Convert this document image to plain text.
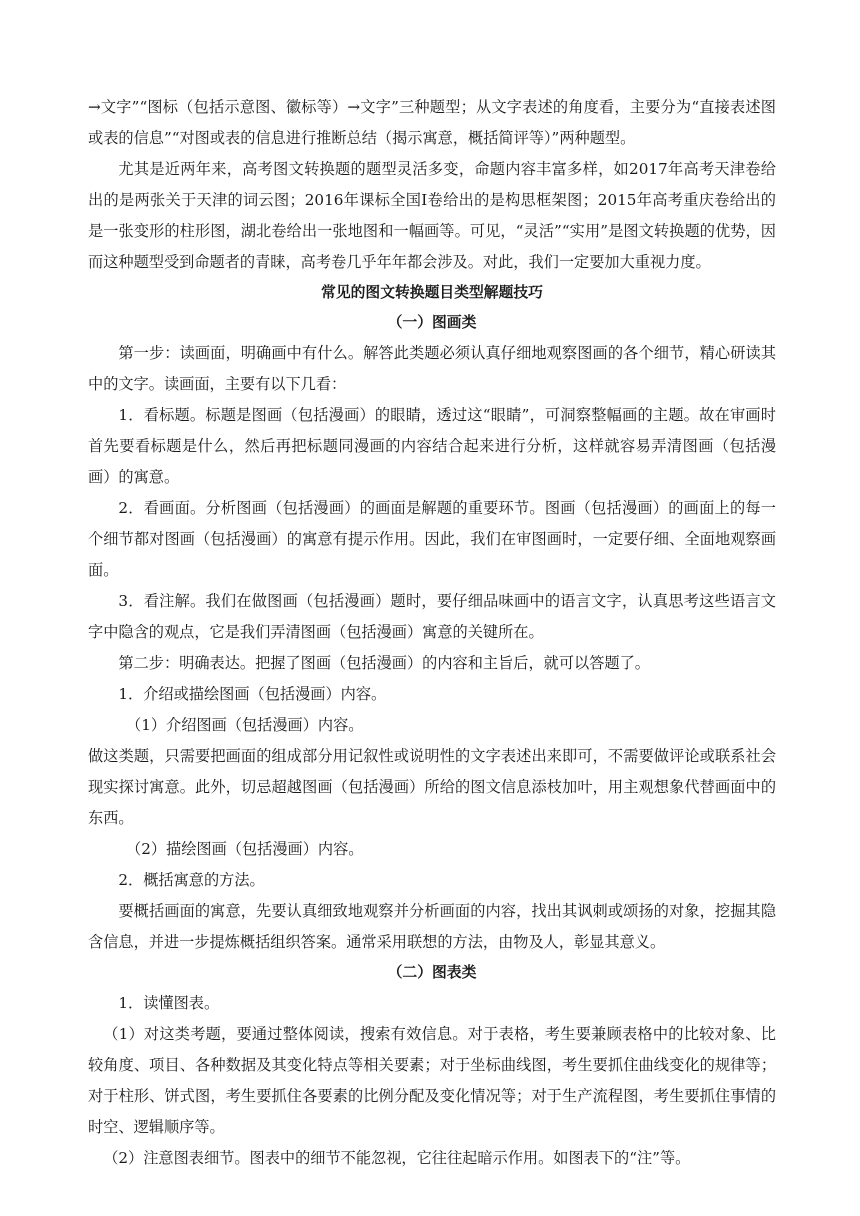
→文字”“图标（包括示意图、徽标等）→文字”三种题型；从文字表述的角度看，主要分为“直接表述图或表的信息”“对图或表的信息进行推断总结（揭示寓意，概括简评等）”两种题型。

尤其是近两年来，高考图文转换题的题型灵活多变，命题内容丰富多样，如2017年高考天津卷给出的是两张关于天津的词云图；2016年课标全国Ⅰ卷给出的是构思框架图；2015年高考重庆卷给出的是一张变形的柱形图，湖北卷给出一张地图和一幅画等。可见，“灵活”“实用”是图文转换题的优势，因而这种题型受到命题者的青睐，高考卷几乎年年都会涉及。对此，我们一定要加大重视力度。

常见的图文转换题目类型解题技巧

（一）图画类

第一步：读画面，明确画中有什么。解答此类题必须认真仔细地观察图画的各个细节，精心研读其中的文字。读画面，主要有以下几看：

1．看标题。标题是图画（包括漫画）的眼睛，透过这“眼睛”，可洞察整幅画的主题。故在审画时首先要看标题是什么，然后再把标题同漫画的内容结合起来进行分析，这样就容易弄清图画（包括漫画）的寓意。

2．看画面。分析图画（包括漫画）的画面是解题的重要环节。图画（包括漫画）的画面上的每一个细节都对图画（包括漫画）的寓意有提示作用。因此，我们在审图画时，一定要仔细、全面地观察画面。

3．看注解。我们在做图画（包括漫画）题时，要仔细品味画中的语言文字，认真思考这些语言文字中隐含的观点，它是我们弄清图画（包括漫画）寓意的关键所在。

第二步：明确表达。把握了图画（包括漫画）的内容和主旨后，就可以答题了。

1．介绍或描绘图画（包括漫画）内容。

（1）介绍图画（包括漫画）内容。

做这类题，只需要把画面的组成部分用记叙性或说明性的文字表述出来即可，不需要做评论或联系社会现实探讨寓意。此外，切忌超越图画（包括漫画）所给的图文信息添枝加叶，用主观想象代替画面中的东西。

（2）描绘图画（包括漫画）内容。

2．概括寓意的方法。

要概括画面的寓意，先要认真细致地观察并分析画面的内容，找出其讽刺或颂扬的对象，挖掘其隐含信息，并进一步提炼概括组织答案。通常采用联想的方法，由物及人，彰显其意义。

（二）图表类

1．读懂图表。

（1）对这类考题，要通过整体阅读，搜索有效信息。对于表格，考生要兼顾表格中的比较对象、比较角度、项目、各种数据及其变化特点等相关要素；对于坐标曲线图，考生要抓住曲线变化的规律等；对于柱形、饼式图，考生要抓住各要素的比例分配及变化情况等；对于生产流程图，考生要抓住事情的时空、逻辑顺序等。

（2）注意图表细节。图表中的细节不能忽视，它往往起暗示作用。如图表下的“注”等。
